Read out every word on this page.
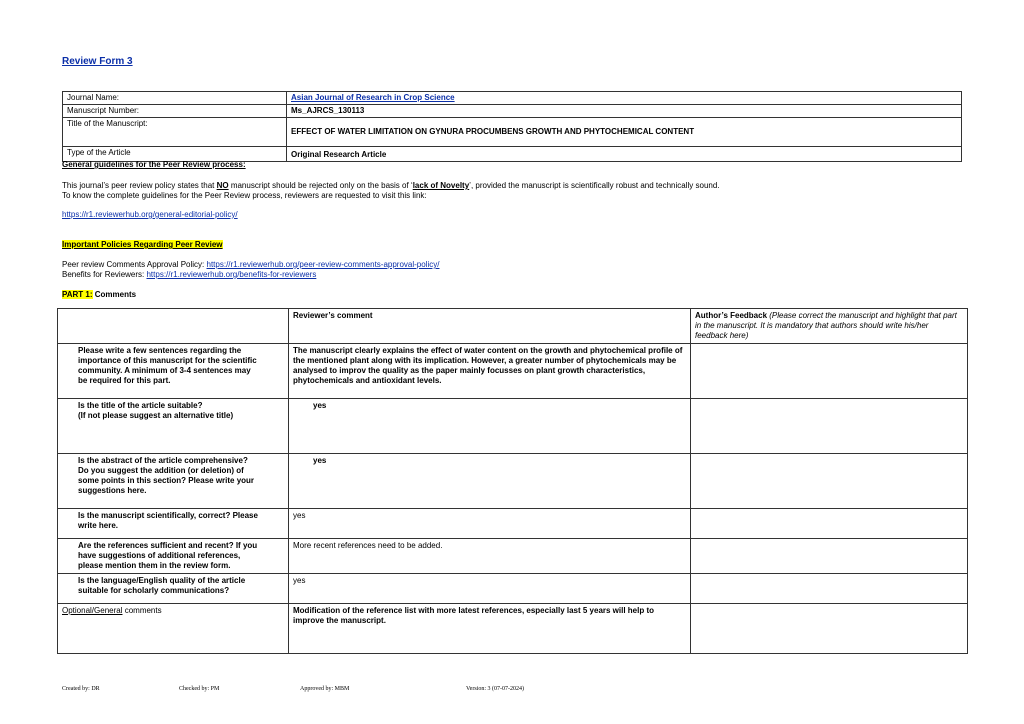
Review Form 3
Journal Name:	Asian Journal of Research in Crop Science
Manuscript Number:	Ms_AJRCS_130113
Title of the Manuscript:	EFFECT OF WATER LIMITATION ON GYNURA PROCUMBENS GROWTH AND PHYTOCHEMICAL CONTENT
Type of the Article	Original Research Article
General guidelines for the Peer Review process:
This journal’s peer review policy states that NO manuscript should be rejected only on the basis of ‘lack of Novelty’, provided the manuscript is scientifically robust and technically sound.
To know the complete guidelines for the Peer Review process, reviewers are requested to visit this link:
https://r1.reviewerhub.org/general-editorial-policy/
Important Policies Regarding Peer Review
Peer review Comments Approval Policy: https://r1.reviewerhub.org/peer-review-comments-approval-policy/
Benefits for Reviewers: https://r1.reviewerhub.org/benefits-for-reviewers
PART 1: Comments
	Reviewer’s comment	Author’s Feedback (Please correct the manuscript and highlight that part in the manuscript. It is mandatory that authors should write his/her feedback here)
Please write a few sentences regarding the importance of this manuscript for the scientific community. A minimum of 3-4 sentences may be required for this part.	The manuscript clearly explains the effect of water content on the growth and phytochemical profile of the mentioned plant along with its implication. However, a greater number of phytochemicals may be analysed to improv the quality as the paper mainly focusses on plant growth characteristics, phytochemicals and antioxidant levels.	
Is the title of the article suitable?
(If not please suggest an alternative title)	yes	
Is the abstract of the article comprehensive? Do you suggest the addition (or deletion) of some points in this section? Please write your suggestions here.	yes	
Is the manuscript scientifically, correct? Please write here.	yes	
Are the references sufficient and recent? If you have suggestions of additional references, please mention them in the review form.	More recent references need to be added.	
Is the language/English quality of the article suitable for scholarly communications?	yes	
Optional/General comments	Modification of the reference list with more latest references, especially last 5 years will help to improve the manuscript.	
Created by: DR	Checked by: PM	Approved by: MBM	Version: 3 (07-07-2024)
